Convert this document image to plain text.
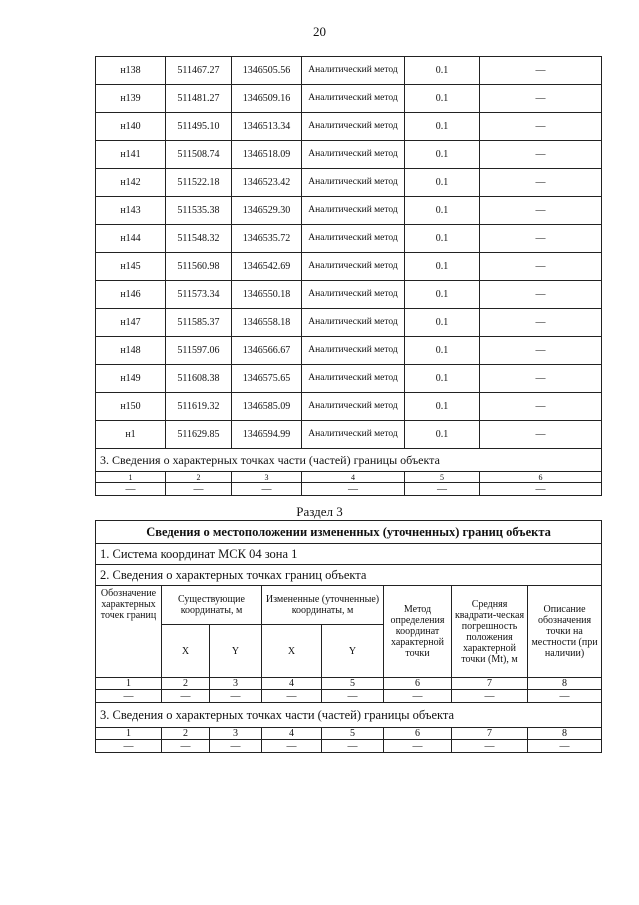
20
н138	511467.27	1346505.56	Аналитический метод	0.1	—
н139	511481.27	1346509.16	Аналитический метод	0.1	—
н140	511495.10	1346513.34	Аналитический метод	0.1	—
н141	511508.74	1346518.09	Аналитический метод	0.1	—
н142	511522.18	1346523.42	Аналитический метод	0.1	—
н143	511535.38	1346529.30	Аналитический метод	0.1	—
н144	511548.32	1346535.72	Аналитический метод	0.1	—
н145	511560.98	1346542.69	Аналитический метод	0.1	—
н146	511573.34	1346550.18	Аналитический метод	0.1	—
н147	511585.37	1346558.18	Аналитический метод	0.1	—
н148	511597.06	1346566.67	Аналитический метод	0.1	—
н149	511608.38	1346575.65	Аналитический метод	0.1	—
н150	511619.32	1346585.09	Аналитический метод	0.1	—
н1	511629.85	1346594.99	Аналитический метод	0.1	—
3. Сведения о характерных точках части (частей) границы объекта					
1	2	3	4	5	6
—	—	—	—	—	—
Раздел 3
Сведения о местоположении измененных (уточненных) границ объекта							
1. Система координат МСК 04 зона 1							
2. Сведения о характерных точках границ объекта							
Обозначение характерных точек границ	Существующие координаты, м		Измененные (уточненные) координаты, м		Метод определения координат характерной точки	Средняя квадрати-ческая погрешность положения характерной точки (Mt), м	Описание обозначения точки на местности (при наличии)
	X	Y	X	Y			
1	2	3	4	5	6	7	8
—	—	—	—	—	—	—	—
3. Сведения о характерных точках части (частей) границы объекта							
1	2	3	4	5	6	7	8
—	—	—	—	—	—	—	—
